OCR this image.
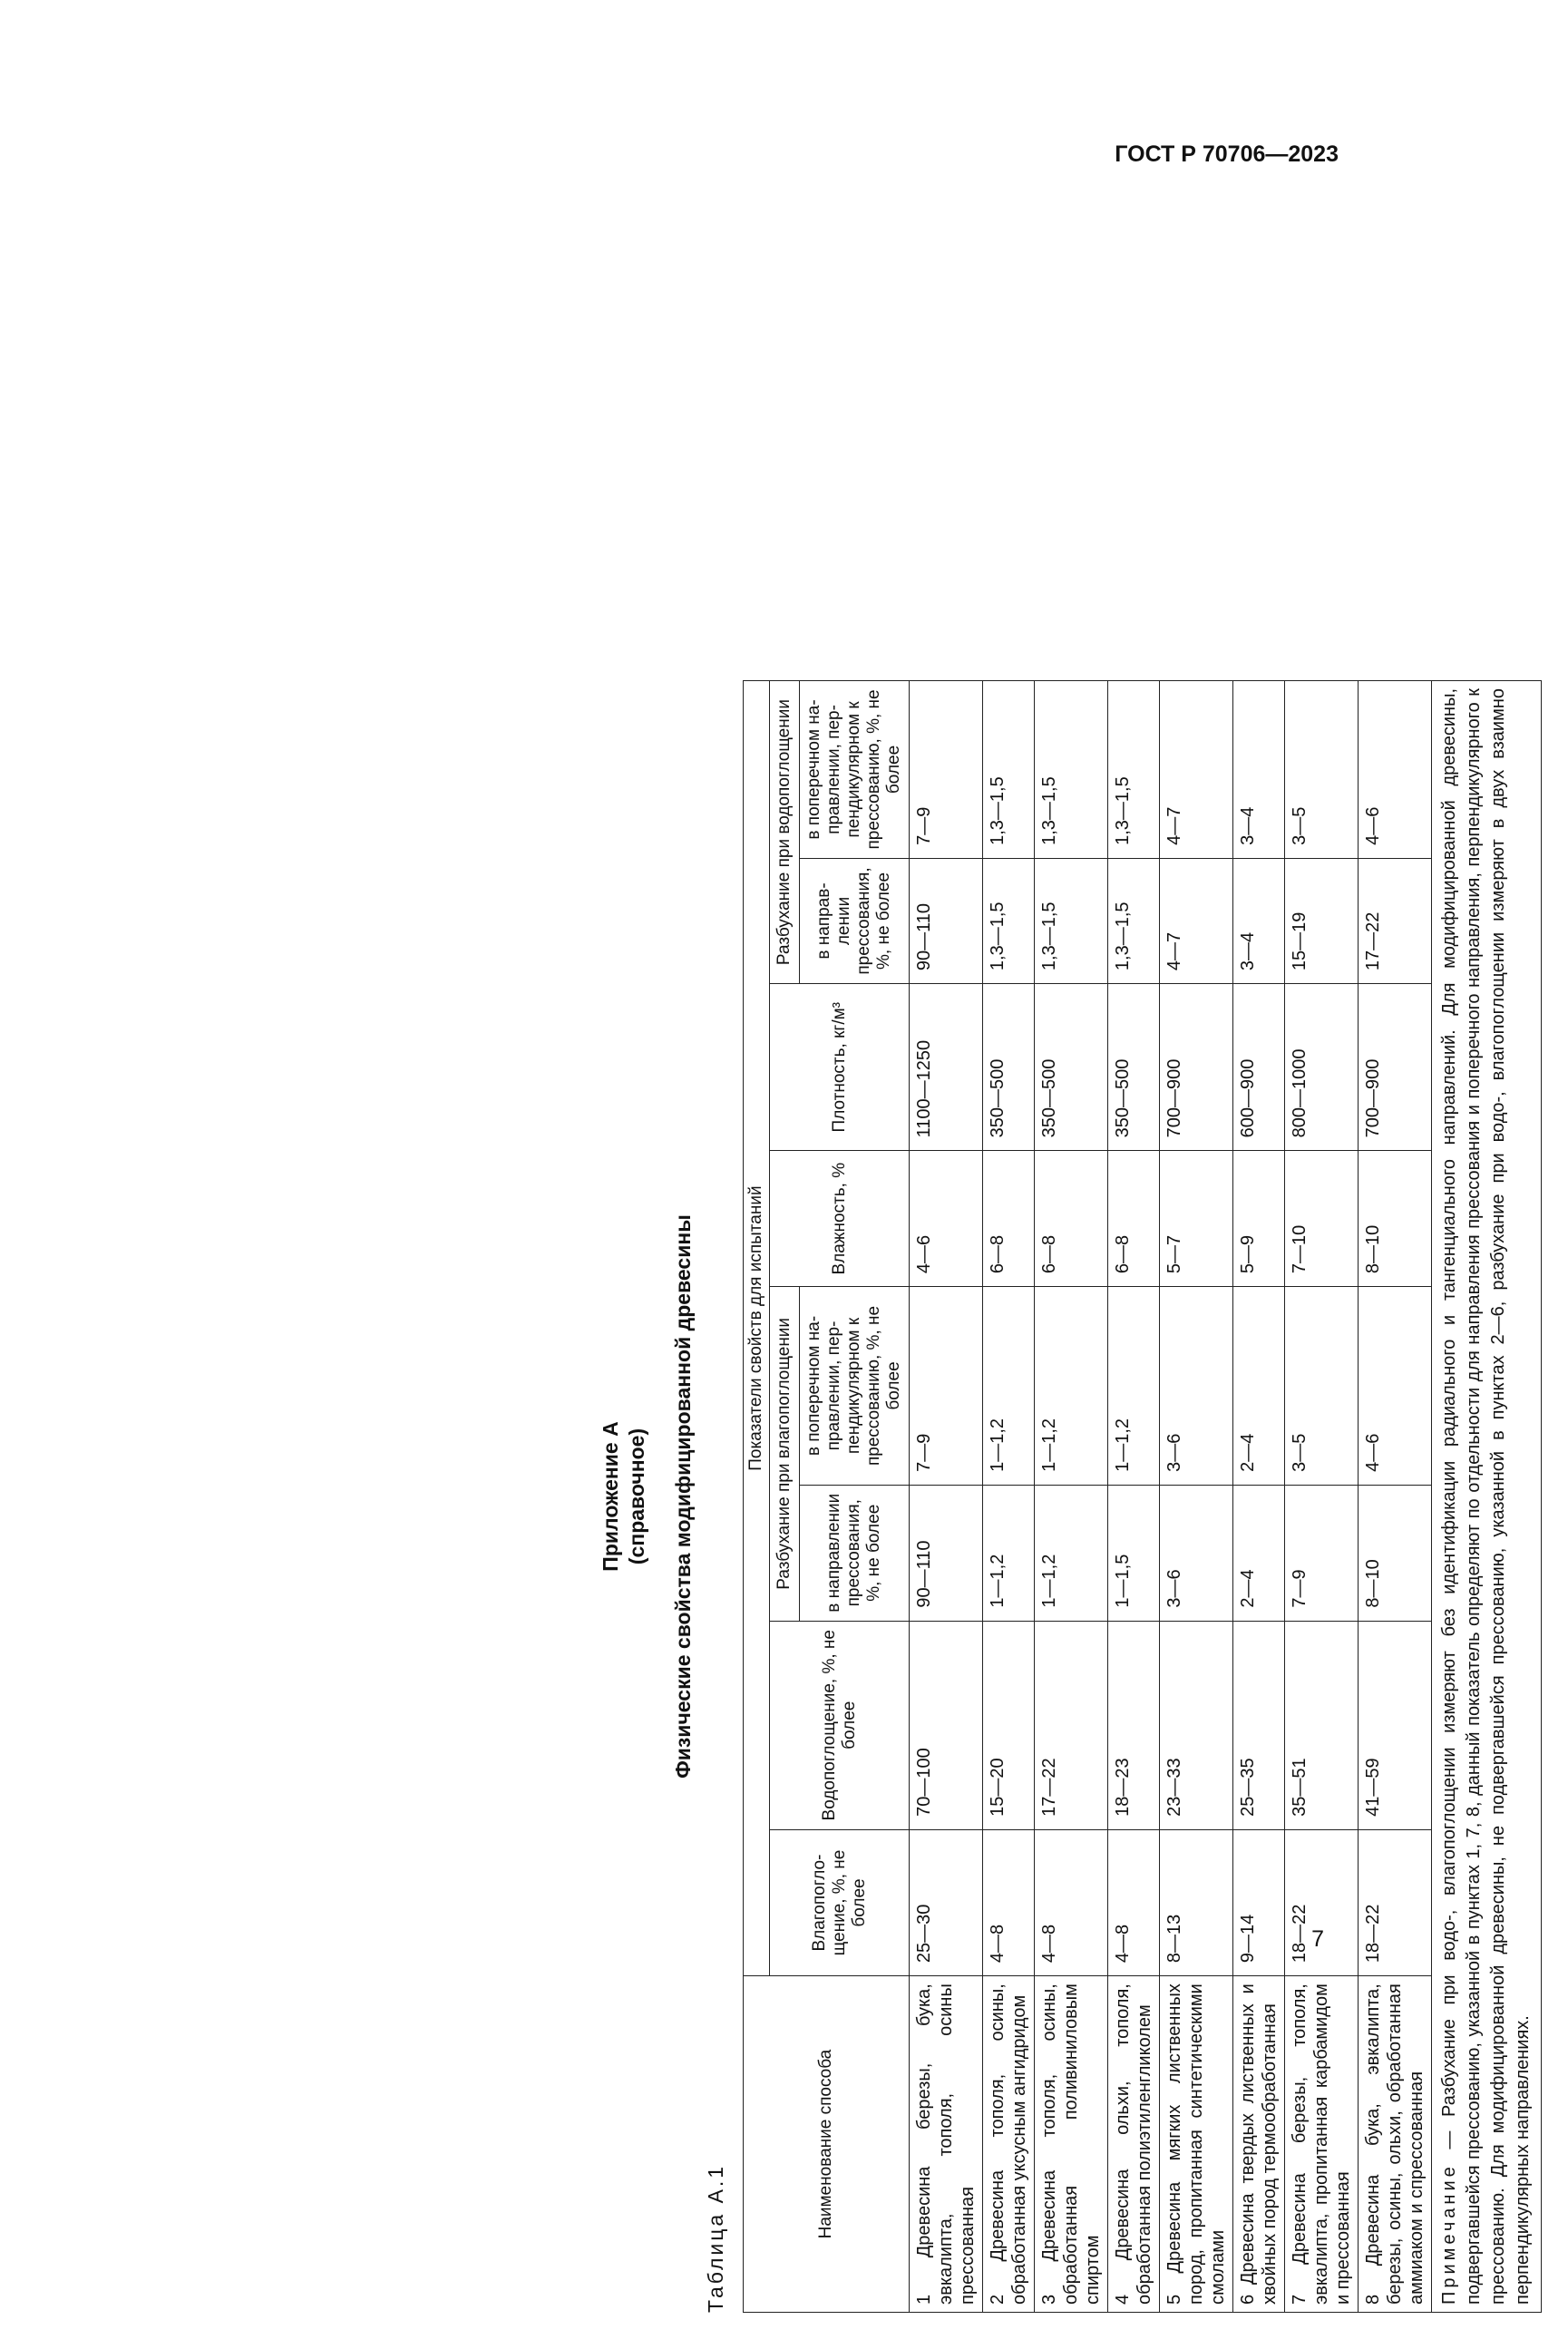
ГОСТ Р 70706—2023
Приложение А (справочное) Физические свойства модифицированной древесины
Таблица А.1	Наименование способа	Показатели свойств для испытаний							
	Влагопоглощение, %, не более	Водопоглощение, %, не более	Разбухание при влагопоглощении		Влажность, %	Плотность, кг/м³	Разбухание при водопоглощении	
			в направлении прессования, %, не более	в поперечном направлении, перпендикулярном к прессованию, %, не более			в направлении прессования, %, не более	в поперечном направлении, перпендикулярном к прессованию, %, не более
1 Древесина березы, бука, эвкалипта, тополя, осины прессованная	25—30	70—100	90—110	7—9	4—6	1100—1250	90—110	7—9
2 Древесина тополя, осины, обработанная уксусным ангидридом	4—8	15—20	1—1,2	1—1,2	6—8	350—500	1,3—1,5	1,3—1,5
3 Древесина тополя, осины, обработанная поливиниловым спиртом	4—8	17—22	1—1,2	1—1,2	6—8	350—500	1,3—1,5	1,3—1,5
4 Древесина ольхи, тополя, обработанная полиэтиленгликолем	4—8	18—23	1—1,5	1—1,2	6—8	350—500	1,3—1,5	1,3—1,5
5 Древесина мягких лиственных пород, пропитанная синтетическими смолами	8—13	23—33	3—6	3—6	5—7	700—900	4—7	4—7
6 Древесина твердых лиственных и хвойных пород термообработанная	9—14	25—35	2—4	2—4	5—9	600—900	3—4	3—4
7 Древесина березы, тополя, эвкалипта, пропитанная карбамидом и прессованная	18—22	35—51	7—9	3—5	7—10	800—1000	15—19	3—5
8 Древесина бука, эвкалипта, березы, осины, ольхи, обработанная аммиаком и спрессованная	18—22	41—59	8—10	4—6	8—10	700—900	17—22	4—6
Примечание — Разбухание при водо-, влагопоглощении измеряют без идентификации радиального и тангенциального направлений. Для модифицированной древесины, подвергавшейся прессованию, указанной в пунктах 1, 7, 8, данный показатель определяют по отдельности для направления прессования и поперечного направления, перпендикулярного к прессованию. Для модифицированной древесины, не подвергавшейся прессованию, указанной в пунктах 2—6, разбухание при водо-, влагопоглощении измеряют в двух взаимно перпендикулярных направлениях.								
7
